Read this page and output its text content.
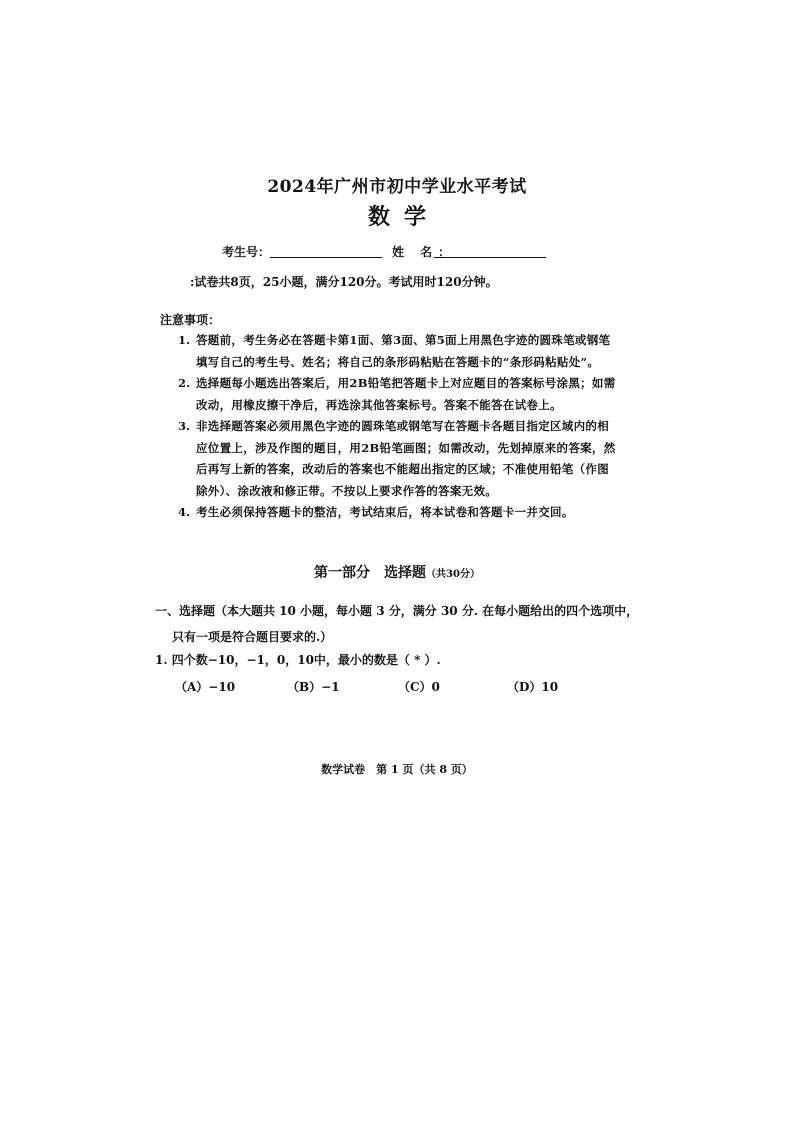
2024年广州市初中学业水平考试
数学
考生号：	姓 名：
:试卷共8页，25小题，满分120分。考试用时120分钟。
注意事项：
1. 答题前，考生务必在答题卡第1面、第3面、第5面上用黑色字迹的圆珠笔或钢笔填写自己的考生号、姓名；将自己的条形码粘贴在答题卡的“条形码粘贴处”。
2. 选择题每小题选出答案后，用2B铅笔把答题卡上对应题目的答案标号涂黑；如需改动，用橡皮擦干净后，再选涂其他答案标号。答案不能答在试卷上。
3. 非选择题答案必须用黑色字迹的圆珠笔或钢笔写在答题卡各题目指定区域内的相应位置上，涉及作图的题目，用2B铅笔画图；如需改动，先划掉原来的答案，然后再写上新的答案，改动后的答案也不能超出指定的区域；不准使用铅笔（作图除外）、涂改液和修正带。不按以上要求作答的答案无效。
4. 考生必须保持答题卡的整洁，考试结束后，将本试卷和答题卡一并交回。
第一部分　选择题（共30分）
一、选择题（本大题共 10 小题，每小题 3 分，满分 30 分. 在每小题给出的四个选项中，
只有一项是符合题目要求的.）
1. 四个数−10，−1，0，10中，最小的数是（ * ）.
（A）−10	（B）−1	（C）0	（D）10
数学试卷　第 1 页（共 8 页）
